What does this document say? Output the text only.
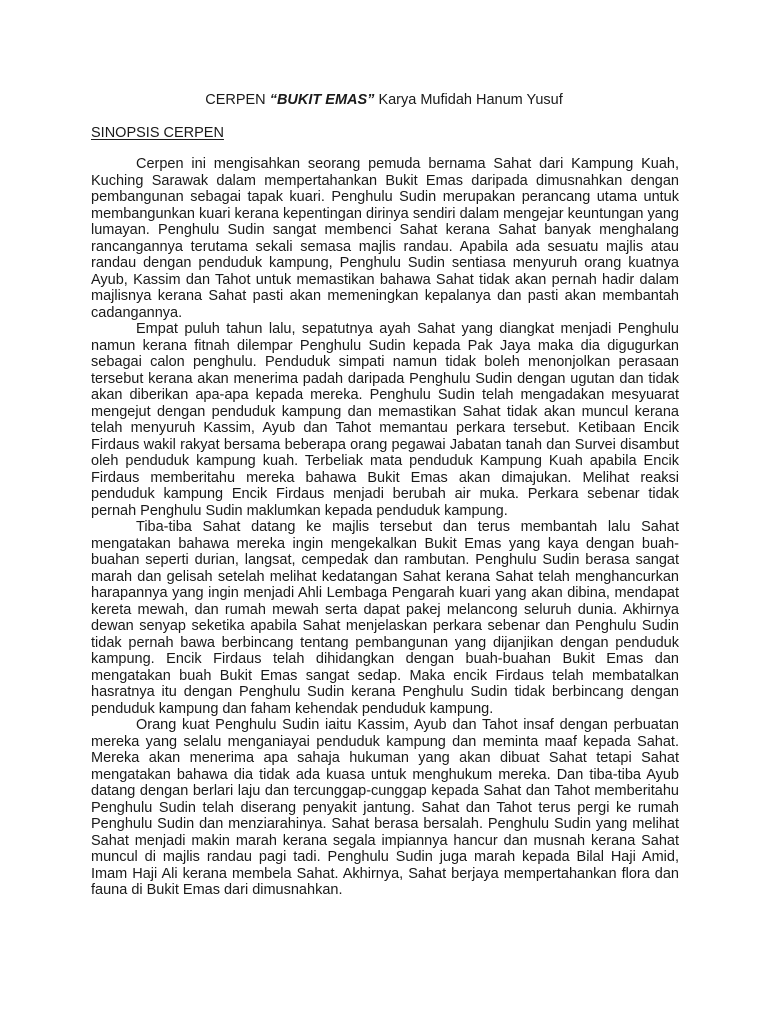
CERPEN “BUKIT EMAS” Karya Mufidah Hanum Yusuf
SINOPSIS CERPEN

Cerpen ini mengisahkan seorang pemuda bernama Sahat dari Kampung Kuah, Kuching Sarawak dalam mempertahankan Bukit Emas daripada dimusnahkan dengan pembangunan sebagai tapak kuari. Penghulu Sudin merupakan perancang utama untuk membangunkan kuari kerana kepentingan dirinya sendiri dalam mengejar keuntungan yang lumayan. Penghulu Sudin sangat membenci Sahat kerana Sahat banyak menghalang rancangannya terutama sekali semasa majlis randau. Apabila ada sesuatu majlis atau randau dengan penduduk kampung, Penghulu Sudin sentiasa menyuruh orang kuatnya Ayub, Kassim dan Tahot untuk memastikan bahawa Sahat tidak akan pernah hadir dalam majlisnya kerana Sahat pasti akan memeningkan kepalanya dan pasti akan membantah cadangannya.

Empat puluh tahun lalu, sepatutnya ayah Sahat yang diangkat menjadi Penghulu namun kerana fitnah dilempar Penghulu Sudin kepada Pak Jaya maka dia digugurkan sebagai calon penghulu. Penduduk simpati namun tidak boleh menonjolkan perasaan tersebut kerana akan menerima padah daripada Penghulu Sudin dengan ugutan dan tidak akan diberikan apa-apa kepada mereka. Penghulu Sudin telah mengadakan mesyuarat mengejut dengan penduduk kampung dan memastikan Sahat tidak akan muncul kerana telah menyuruh Kassim, Ayub dan Tahot memantau perkara tersebut. Ketibaan Encik Firdaus wakil rakyat bersama beberapa orang pegawai Jabatan tanah dan Survei disambut oleh penduduk kampung kuah. Terbeliak mata penduduk Kampung Kuah apabila Encik Firdaus memberitahu mereka bahawa Bukit Emas akan dimajukan. Melihat reaksi penduduk kampung Encik Firdaus menjadi berubah air muka. Perkara sebenar tidak pernah Penghulu Sudin maklumkan kepada penduduk kampung.

Tiba-tiba Sahat datang ke majlis tersebut dan terus membantah lalu Sahat mengatakan bahawa mereka ingin mengekalkan Bukit Emas yang kaya dengan buah-buahan seperti durian, langsat, cempedak dan rambutan. Penghulu Sudin berasa sangat marah dan gelisah setelah melihat kedatangan Sahat kerana Sahat telah menghancurkan harapannya yang ingin menjadi Ahli Lembaga Pengarah kuari yang akan dibina, mendapat kereta mewah, dan rumah mewah serta dapat pakej melancong seluruh dunia. Akhirnya dewan senyap seketika apabila Sahat menjelaskan perkara sebenar dan Penghulu Sudin tidak pernah bawa berbincang tentang pembangunan yang dijanjikan dengan penduduk kampung. Encik Firdaus telah dihidangkan dengan buah-buahan Bukit Emas dan mengatakan buah Bukit Emas sangat sedap. Maka encik Firdaus telah membatalkan hasratnya itu dengan Penghulu Sudin kerana Penghulu Sudin tidak berbincang dengan penduduk kampung dan faham kehendak penduduk kampung.

Orang kuat Penghulu Sudin iaitu Kassim, Ayub dan Tahot insaf dengan perbuatan mereka yang selalu menganiayai penduduk kampung dan meminta maaf kepada Sahat. Mereka akan menerima apa sahaja hukuman yang akan dibuat Sahat tetapi Sahat mengatakan bahawa dia tidak ada kuasa untuk menghukum mereka. Dan tiba-tiba Ayub datang dengan berlari laju dan tercunggap-cunggap kepada Sahat dan Tahot memberitahu Penghulu Sudin telah diserang penyakit jantung. Sahat dan Tahot terus pergi ke rumah Penghulu Sudin dan menziarahinya. Sahat berasa bersalah. Penghulu Sudin yang melihat Sahat menjadi makin marah kerana segala impiannya hancur dan musnah kerana Sahat muncul di majlis randau pagi tadi. Penghulu Sudin juga marah kepada Bilal Haji Amid, Imam Haji Ali kerana membela Sahat. Akhirnya, Sahat berjaya mempertahankan flora dan fauna di Bukit Emas dari dimusnahkan.
